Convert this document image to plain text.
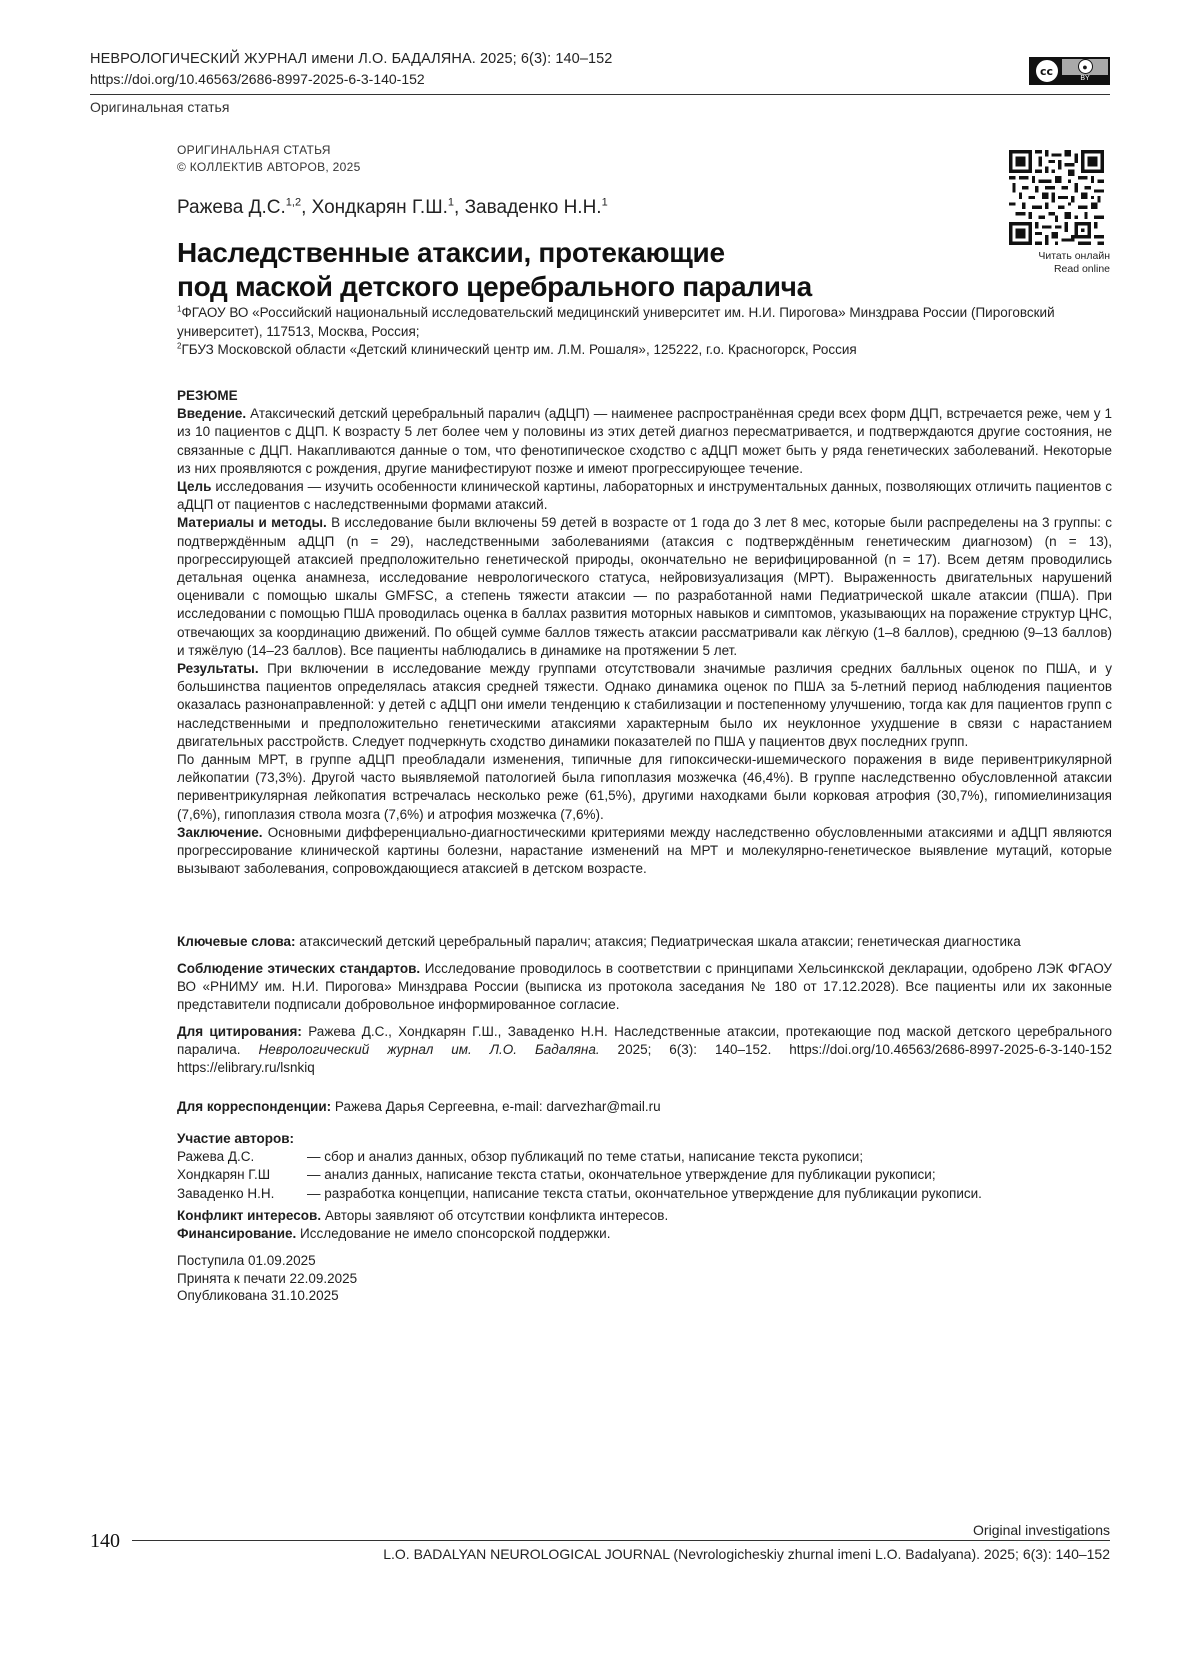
НЕВРОЛОГИЧЕСКИЙ ЖУРНАЛ имени Л.О. БАДАЛЯНА. 2025; 6(3): 140–152
https://doi.org/10.46563/2686-8997-2025-6-3-140-152
Оригинальная статья
cc	●
BY
ОРИГИНАЛЬНАЯ СТАТЬЯ
© КОЛЛЕКТИВ АВТОРОВ, 2025
Ражева Д.С.$^{1,2}$, Хондкарян Г.Ш.$^1$, Заваденко Н.Н.$^1$
Наследственные атаксии, протекающие
под маской детского церебрального паралича
Читать онлайн
Read online
$^1$ФГАОУ ВО «Российский национальный исследовательский медицинский университет им. Н.И. Пирогова» Минздрава России (Пироговский университет), 117513, Москва, Россия;
$^2$ГБУЗ Московской области «Детский клинический центр им. Л.М. Рошаля», 125222, г.о. Красногорск, Россия
РЕЗЮМЕ

Введение. Атаксический детский церебральный паралич (аДЦП) — наименее распространённая среди всех форм ДЦП, встречается реже, чем у 1 из 10 пациентов с ДЦП. К возрасту 5 лет более чем у половины из этих детей диагноз пересматривается, и подтверждаются другие состояния, не связанные с ДЦП. Накапливаются данные о том, что фенотипическое сходство с аДЦП может быть у ряда генетических заболеваний. Некоторые из них проявляются с рождения, другие манифестируют позже и имеют прогрессирующее течение.

Цель исследования — изучить особенности клинической картины, лабораторных и инструментальных данных, позволяющих отличить пациентов с аДЦП от пациентов с наследственными формами атаксий.

Материалы и методы. В исследование были включены 59 детей в возрасте от 1 года до 3 лет 8 мес, которые были распределены на 3 группы: с подтверждённым аДЦП (n = 29), наследственными заболеваниями (атаксия с подтверждённым генетическим диагнозом) (n = 13), прогрессирующей атаксией предположительно генетической природы, окончательно не верифицированной (n = 17). Всем детям проводились детальная оценка анамнеза, исследование неврологического статуса, нейровизуализация (МРТ). Выраженность двигательных нарушений оценивали с помощью шкалы GMFSC, а степень тяжести атаксии — по разработанной нами Педиатрической шкале атаксии (ПША). При исследовании с помощью ПША проводилась оценка в баллах развития моторных навыков и симптомов, указывающих на поражение структур ЦНС, отвечающих за координацию движений. По общей сумме баллов тяжесть атаксии рассматривали как лёгкую (1–8 баллов), среднюю (9–13 баллов) и тяжёлую (14–23 баллов). Все пациенты наблюдались в динамике на протяжении 5 лет.

Результаты. При включении в исследование между группами отсутствовали значимые различия средних балльных оценок по ПША, и у большинства пациентов определялась атаксия средней тяжести. Однако динамика оценок по ПША за 5-летний период наблюдения пациентов оказалась разнонаправленной: у детей с аДЦП они имели тенденцию к стабилизации и постепенному улучшению, тогда как для пациентов групп с наследственными и предположительно генетическими атаксиями характерным было их неуклонное ухудшение в связи с нарастанием двигательных расстройств. Следует подчеркнуть сходство динамики показателей по ПША у пациентов двух последних групп.

По данным МРТ, в группе аДЦП преобладали изменения, типичные для гипоксически-ишемического поражения в виде перивентрикулярной лейкопатии (73,3%). Другой часто выявляемой патологией была гипоплазия мозжечка (46,4%). В группе наследственно обусловленной атаксии перивентрикулярная лейкопатия встречалась несколько реже (61,5%), другими находками были корковая атрофия (30,7%), гипомиелинизация (7,6%), гипоплазия ствола мозга (7,6%) и атрофия мозжечка (7,6%).

Заключение. Основными дифференциально-диагностическими критериями между наследственно обусловленными атаксиями и аДЦП являются прогрессирование клинической картины болезни, нарастание изменений на МРТ и молекулярно-генетическое выявление мутаций, которые вызывают заболевания, сопровождающиеся атаксией в детском возрасте.

Ключевые слова: атаксический детский церебральный паралич; атаксия; Педиатрическая шкала атаксии; генетическая диагностика
Соблюдение этических стандартов. Исследование проводилось в соответствии с принципами Хельсинкской декларации, одобрено ЛЭК ФГАОУ ВО «РНИМУ им. Н.И. Пирогова» Минздрава России (выписка из протокола заседания № 180 от 17.12.2028). Все пациенты или их законные представители подписали добровольное информированное согласие.
Для цитирования: Ражева Д.С., Хондкарян Г.Ш., Заваденко Н.Н. Наследственные атаксии, протекающие под маской детского церебрального паралича. Неврологический журнал им. Л.О. Бадаляна. 2025; 6(3): 140–152. https://doi.org/10.46563/2686-8997-2025-6-3-140-152 https://elibrary.ru/lsnkiq
Для корреспонденции: Ражева Дарья Сергеевна, e-mail: darvezhar@mail.ru
Участие авторов:
Ражева Д.С.	— сбор и анализ данных, обзор публикаций по теме статьи, написание текста рукописи;
Хондкарян Г.Ш	— анализ данных, написание текста статьи, окончательное утверждение для публикации рукописи;
Заваденко Н.Н.	— разработка концепции, написание текста статьи, окончательное утверждение для публикации рукописи.
Конфликт интересов. Авторы заявляют об отсутствии конфликта интересов.
Финансирование. Исследование не имело спонсорской поддержки.
Поступила 01.09.2025
Принята к печати 22.09.2025
Опубликована 31.10.2025
Original investigations
140
L.O. BADALYAN NEUROLOGICAL JOURNAL (Nevrologicheskiy zhurnal imeni L.O. Badalyana). 2025; 6(3): 140–152
